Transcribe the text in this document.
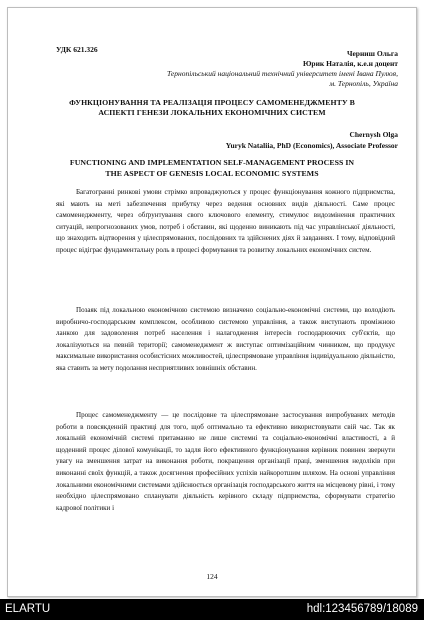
УДК 621.326	Черниш Ольга
Юрик Наталія, к.е.н доцент
Тернопільський національний технічний університет імені Івана Пулюя,
м. Тернопіль, Україна
ФУНКЦІОНУВАННЯ ТА РЕАЛІЗАЦІЯ ПРОЦЕСУ САМОМЕНЕДЖМЕНТУ В
АСПЕКТІ ГЕНЕЗИ ЛОКАЛЬНИХ ЕКОНОМІЧНИХ СИСТЕМ
Chernysh Olga
Yuryk Nataliia, PhD (Economics), Associate Professor
FUNCTIONING AND IMPLEMENTATION SELF-MANAGEMENT PROCESS IN
THE ASPECT OF GENESIS LOCAL ECONOMIC SYSTEMS

Багатогранні ринкові умови стрімко впроваджуються у процес функціонування кожного підприємства, які мають на меті забезпечення прибутку через ведення основних видів діяльності. Саме процес самоменеджменту, через обґрунтування свого ключового елементу, стимулює видозмінення практичних ситуацій, непрогнозованих умов, потреб і обставин, які щоденно виникають під час управлінської діяльності, що знаходить відтворення у цілеспрямованих, послідовних та здійснених діях й завданнях. І тому, відповідний процес відіграє фундаментальну роль в процесі формування та розвитку локальних економічних систем.

Позаяк під локальною економічною системою визначено соціально-економічні системи, що володіють виробничо-господарським комплексом, особливою системою управління, а також виступають проміжною ланкою для задоволення потреб населення і налагодження інтересів господарюючих суб'єктів, що локалізуються на певній території; самоменеджмент ж виступає оптимізаційним чинником, що продукує максимальне використання особистісних можливостей, цілеспрямоване управління індивідуальною діяльністю, яка ставить за мету подолання несприятливих зовнішніх обставин.

Процес самоменеджменту — це послідовне та цілеспрямоване застосування випробуваних методів роботи в повсякденній практиці для того, щоб оптимально та ефективно використовувати свій час. Так як локальній економічній системі притаманно не лише системні та соціально-економічні властивості, а й щоденний процес ділової комунікації, то задля його ефективного функціонування керівник повинен звернути увагу на зменшення затрат на виконання роботи, покращення організації праці, зменшення недоліків при виконанні своїх функцій, а також досягнення професійних успіхів найкоротшим шляхом. На основі управління локальними економічними системами здійснюється організація господарського життя на місцевому рівні, і тому необхідно цілеспрямовано спланувати діяльність керівного складу підприємства, сформувати стратегію кадрової політики і

124
ELARTU	hdl:123456789/18089
